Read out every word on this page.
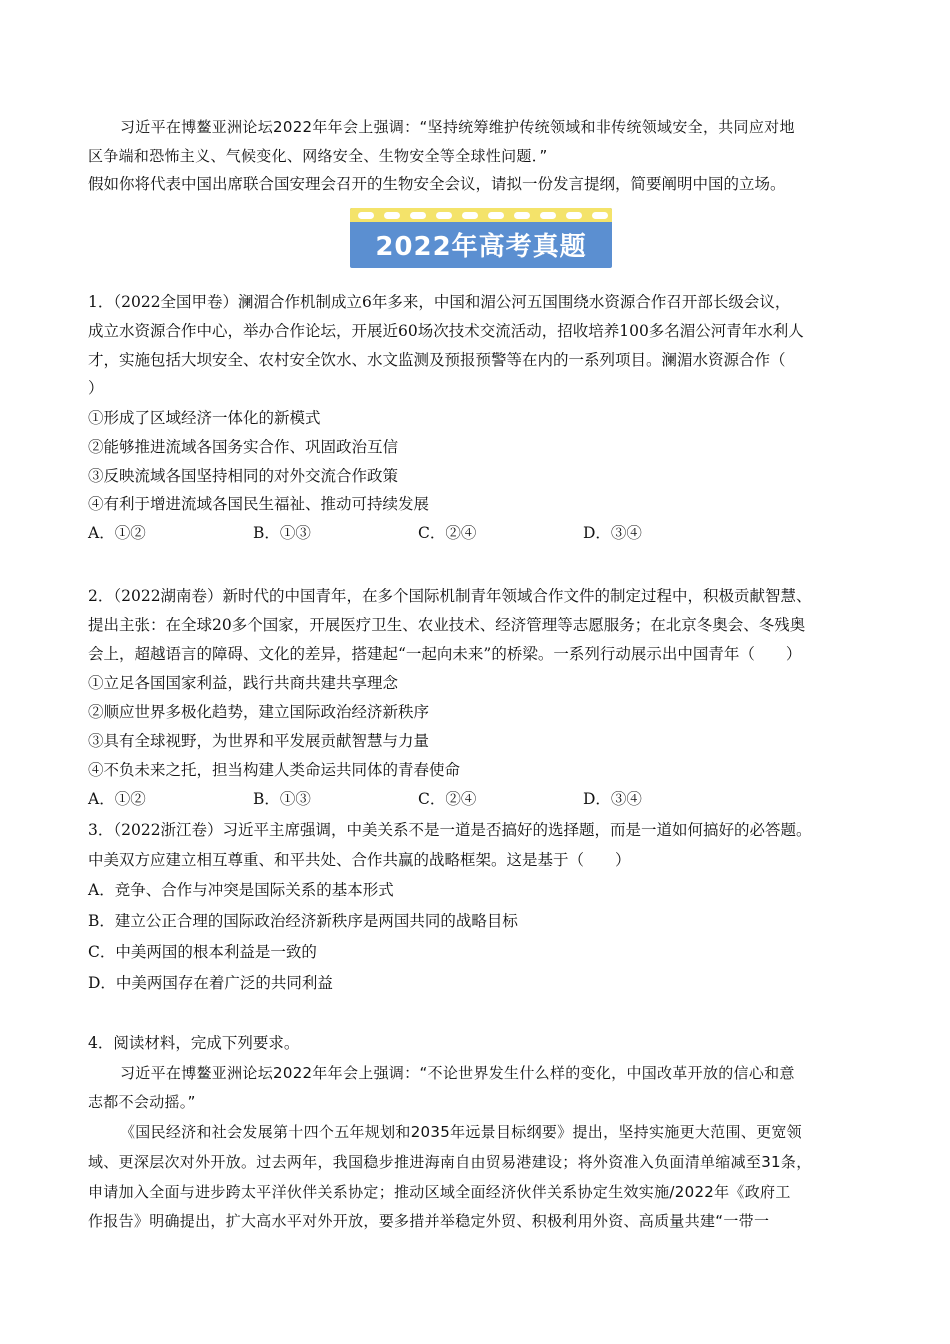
习近平在博鳌亚洲论坛2022年年会上强调：“坚持统筹维护传统领域和非传统领域安全，共同应对地
区争端和恐怖主义、气候变化、网络安全、生物安全等全球性问题．”
假如你将代表中国出席联合国安理会召开的生物安全会议，请拟一份发言提纲，简要阐明中国的立场。
2022年高考真题
1．（2022全国甲卷）澜湄合作机制成立6年多来，中国和湄公河五国围绕水资源合作召开部长级会议，
成立水资源合作中心，举办合作论坛，开展近60场次技术交流活动，招收培养100多名湄公河青年水利人
才，实施包括大坝安全、农村安全饮水、水文监测及预报预警等在内的一系列项目。澜湄水资源合作（
）
①形成了区域经济一体化的新模式
②能够推进流域各国务实合作、巩固政治互信
③反映流域各国坚持相同的对外交流合作政策
④有利于增进流域各国民生福祉、推动可持续发展
A．①②	B．①③	C．②④	D．③④
2．（2022湖南卷）新时代的中国青年，在多个国际机制青年领域合作文件的制定过程中，积极贡献智慧、
提出主张：在全球20多个国家，开展医疗卫生、农业技术、经济管理等志愿服务；在北京冬奥会、冬残奥
会上，超越语言的障碍、文化的差异，搭建起“一起向未来”的桥梁。一系列行动展示出中国青年（　　）
①立足各国国家利益，践行共商共建共享理念
②顺应世界多极化趋势，建立国际政治经济新秩序
③具有全球视野，为世界和平发展贡献智慧与力量
④不负未来之托，担当构建人类命运共同体的青春使命
A．①②	B．①③	C．②④	D．③④
3．（2022浙江卷）习近平主席强调，中美关系不是一道是否搞好的选择题，而是一道如何搞好的必答题。
中美双方应建立相互尊重、和平共处、合作共赢的战略框架。这是基于（　　）
A．竞争、合作与冲突是国际关系的基本形式
B．建立公正合理的国际政治经济新秩序是两国共同的战略目标
C．中美两国的根本利益是一致的
D．中美两国存在着广泛的共同利益
4．阅读材料，完成下列要求。
习近平在博鳌亚洲论坛2022年年会上强调：“不论世界发生什么样的变化，中国改革开放的信心和意
志都不会动摇。”
《国民经济和社会发展第十四个五年规划和2035年远景目标纲要》提出，坚持实施更大范围、更宽领
域、更深层次对外开放。过去两年，我国稳步推进海南自由贸易港建设；将外资准入负面清单缩减至31条，
申请加入全面与进步跨太平洋伙伴关系协定；推动区域全面经济伙伴关系协定生效实施/2022年《政府工
作报告》明确提出，扩大高水平对外开放，要多措并举稳定外贸、积极利用外资、高质量共建“一带一
